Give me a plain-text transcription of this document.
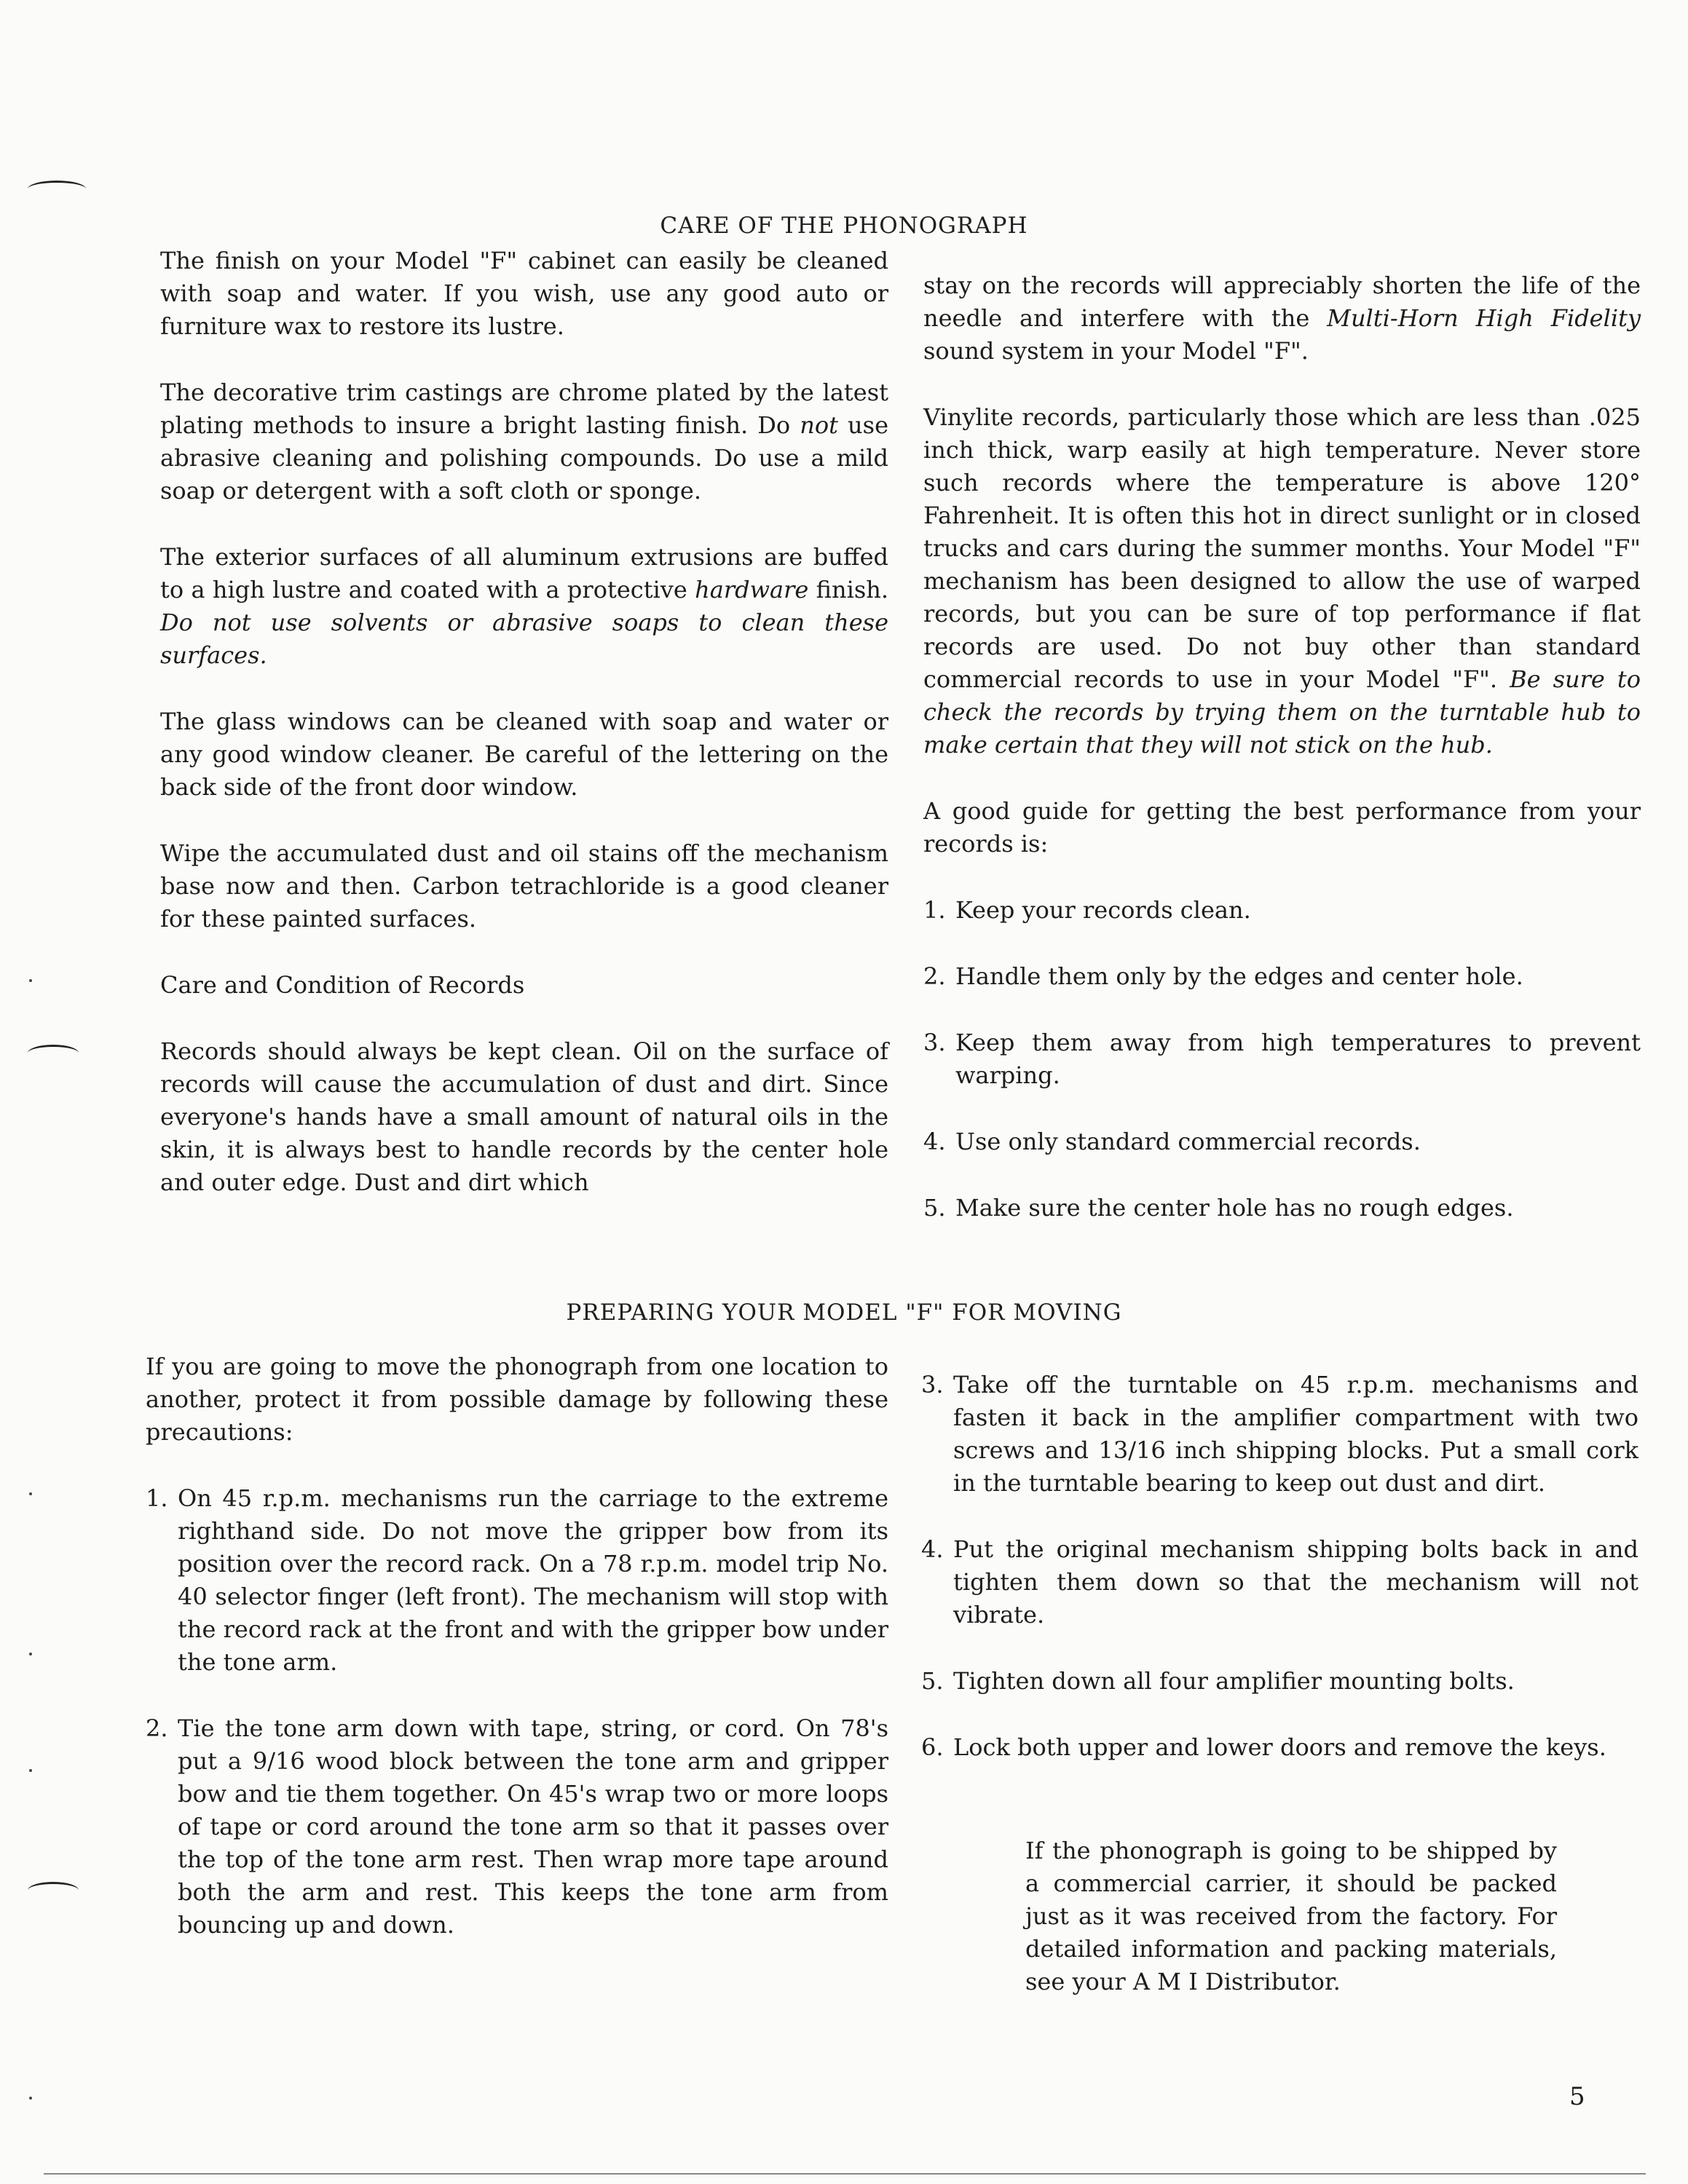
CARE OF THE PHONOGRAPH

The finish on your Model "F" cabinet can easily be cleaned with soap and water. If you wish, use any good auto or furniture wax to restore its lustre.

The decorative trim castings are chrome plated by the latest plating methods to insure a bright lasting finish. Do not use abrasive cleaning and polishing compounds. Do use a mild soap or detergent with a soft cloth or sponge.

The exterior surfaces of all aluminum extrusions are buffed to a high lustre and coated with a protective hardware finish. Do not use solvents or abrasive soaps to clean these surfaces.

The glass windows can be cleaned with soap and water or any good window cleaner. Be careful of the lettering on the back side of the front door window.

Wipe the accumulated dust and oil stains off the mechanism base now and then. Carbon tetrachloride is a good cleaner for these painted surfaces.

Care and Condition of Records

Records should always be kept clean. Oil on the surface of records will cause the accumulation of dust and dirt. Since everyone's hands have a small amount of natural oils in the skin, it is always best to handle records by the center hole and outer edge. Dust and dirt which

stay on the records will appreciably shorten the life of the needle and interfere with the Multi-Horn High Fidelity sound system in your Model "F".

Vinylite records, particularly those which are less than .025 inch thick, warp easily at high temperature. Never store such records where the temperature is above 120° Fahrenheit. It is often this hot in direct sunlight or in closed trucks and cars during the summer months. Your Model "F" mechanism has been designed to allow the use of warped records, but you can be sure of top performance if flat records are used. Do not buy other than standard commercial records to use in your Model "F". Be sure to check the records by trying them on the turntable hub to make certain that they will not stick on the hub.

A good guide for getting the best performance from your records is:

1. Keep your records clean.
2. Handle them only by the edges and center hole.
3. Keep them away from high temperatures to prevent warping.
4. Use only standard commercial records.
5. Make sure the center hole has no rough edges.
PREPARING YOUR MODEL "F" FOR MOVING

If you are going to move the phonograph from one location to another, protect it from possible damage by following these precautions:

1. On 45 r.p.m. mechanisms run the carriage to the extreme righthand side. Do not move the gripper bow from its position over the record rack. On a 78 r.p.m. model trip No. 40 selector finger (left front). The mechanism will stop with the record rack at the front and with the gripper bow under the tone arm.
2. Tie the tone arm down with tape, string, or cord. On 78's put a 9/16 wood block between the tone arm and gripper bow and tie them together. On 45's wrap two or more loops of tape or cord around the tone arm so that it passes over the top of the tone arm rest. Then wrap more tape around both the arm and rest. This keeps the tone arm from bouncing up and down.
3. Take off the turntable on 45 r.p.m. mechanisms and fasten it back in the amplifier compartment with two screws and 13/16 inch shipping blocks. Put a small cork in the turntable bearing to keep out dust and dirt.
4. Put the original mechanism shipping bolts back in and tighten them down so that the mechanism will not vibrate.
5. Tighten down all four amplifier mounting bolts.
6. Lock both upper and lower doors and remove the keys.
If the phonograph is going to be shipped by a commercial carrier, it should be packed just as it was received from the factory. For detailed information and packing materials, see your A M I Distributor.
5
